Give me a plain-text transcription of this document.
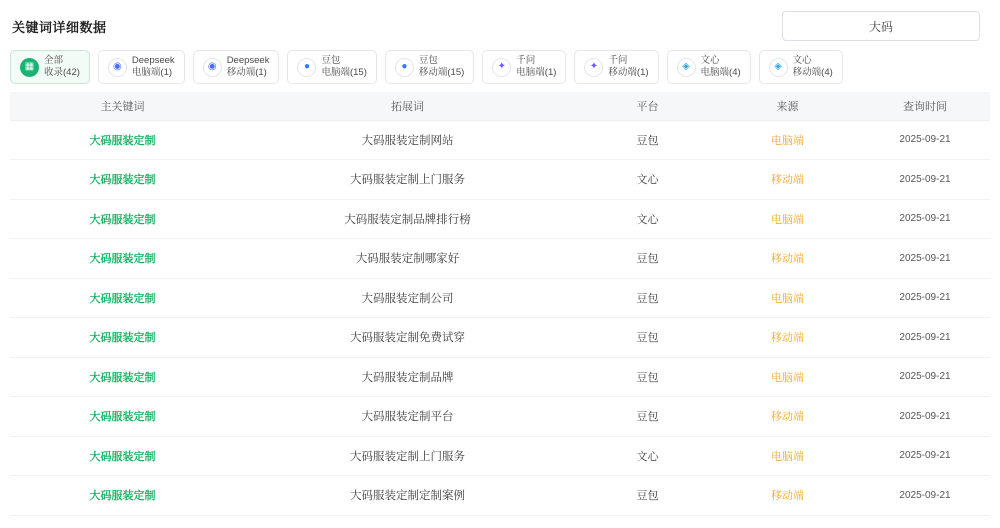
关键词详细数据	大码
▦
全部
收录(42)
◉
Deepseek
电脑端(1)
◉
Deepseek
移动端(1)
●
豆包
电脑端(15)
●
豆包
移动端(15)
✦
千问
电脑端(1)
✦
千问
移动端(1)
◈
文心
电脑端(4)
◈
文心
移动端(4)
主关键词	拓展词	平台	来源	查询时间
大码服装定制	大码服装定制网站	豆包	电脑端	2025-09-21
大码服装定制	大码服装定制上门服务	文心	移动端	2025-09-21
大码服装定制	大码服装定制品牌排行榜	文心	电脑端	2025-09-21
大码服装定制	大码服装定制哪家好	豆包	移动端	2025-09-21
大码服装定制	大码服装定制公司	豆包	电脑端	2025-09-21
大码服装定制	大码服装定制免费试穿	豆包	移动端	2025-09-21
大码服装定制	大码服装定制品牌	豆包	电脑端	2025-09-21
大码服装定制	大码服装定制平台	豆包	移动端	2025-09-21
大码服装定制	大码服装定制上门服务	文心	电脑端	2025-09-21
大码服装定制	大码服装定制定制案例	豆包	移动端	2025-09-21
